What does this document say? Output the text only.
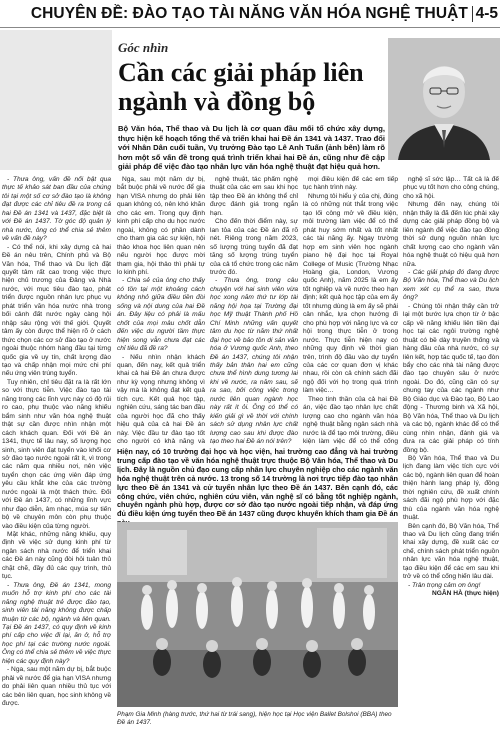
CHUYÊN ĐỀ: ĐÀO TẠO TÀI NĂNG VĂN HÓA NGHỆ THUẬT 4-5
Góc nhìn
Cần các giải pháp liên ngành và đồng bộ
Bộ Văn hóa, Thể thao và Du lịch là cơ quan đầu mối tổ chức xây dựng, thực hiện kế hoạch tổng thể và triển khai hai Đề án 1341 và 1437. Trao đổi với Nhân Dân cuối tuần, Vụ trưởng Đào tạo Lê Anh Tuấn (ảnh bên) làm rõ hơn một số vấn đề trong quá trình triển khai hai Đề án, cũng như đề cập giải pháp để việc đào tạo nhân lực văn hóa nghệ thuật đạt hiệu quả hơn.

- Thưa ông, vấn đề nổi bật qua thực tế khảo sát ban đầu của chúng tôi tại một số cơ sở đào tạo là không đạt được các chỉ tiêu đề ra trong cả hai Đề án 1341 và 1437, đặc biệt là với Đề án 1437. Tờ góc độ quản lý nhà nước, ông có thể chia sẻ thêm về vấn đề này?

- Có thể nói, khi xây dựng cả hai Đề án nêu trên, Chính phủ và Bộ Văn hóa, Thể thao và Du lịch đặt quyết tâm rất cao trong việc thực hiện chủ trương của Đảng và Nhà nước, với mục tiêu đào tạo, phát triển được nguồn nhân lực phục vụ phát triển văn hóa nước nhà trong bối cảnh đất nước ngày càng hội nhập sâu rộng với thế giới. Quyết tâm ấy còn được thể hiện rõ ở cách thức chọn các cơ sở đào tạo ở nước ngoài thuộc nhóm hàng đầu tại từng quốc gia về uy tín, chất lượng đào tạo và chấp nhận mọi mức chi phí nếu ứng viên trúng tuyển.

Tuy nhiên, chỉ tiêu đặt ra là rất lớn so với thực tiễn. Việc đào tạo tài năng trong các lĩnh vực này có độ rủi ro cao, phụ thuộc vào năng khiếu bẩm sinh như văn hóa nghệ thuật thật sự cần được nhìn nhận một cách khách quan. Đối với Đề án 1341, thực tế lâu nay, số lượng học sinh, sinh viên đạt tuyển vào khối cơ sở đào tạo nước ngoài rất ít, vì trong các năm qua nhiều nơi, nên việc tuyển chọn các ứng viên đáp ứng yêu cầu khắt khe của các trường nước ngoài là một thách thức. Đối với Đề án 1437, có những lĩnh vực như đạo diễn, âm nhạc, múa sự tiến bộ về chuyên môn còn phụ thuộc vào điều kiện của từng người.

Mặt khác, những năng khiếu, quy định về việc sử dụng kinh phí từ ngân sách nhà nước để triển khai các Đề án này cũng đòi hỏi tuân thủ chặt chẽ, đầy đủ các quy trình, thủ tục.

- Thưa ông, Đề án 1341, mong muốn hỗ trợ kinh phí cho các tài năng nghệ thuật trẻ được đào tạo, sinh viên tài năng không được chấp thuận từ các bộ, ngành và liên quan. Tại Đề án 1437, có quy định về kinh phí cấp cho việc đi lại, ăn ở, hỗ trợ học phí tại các trường nước ngoài. Ông có thể chia sẻ thêm về việc thực hiện các quy định này?

- Nga, sau một năm dự bị, bắt buộc phải về nước để gia hạn VISA nhưng do phải liên quan nhiều thủ tục với các bên liên quan, học sinh không về được.

Nga, sau một năm dự bị, bắt buộc phải về nước để gia hạn VISA nhưng do phải liên quan không có, nên khó khăn cho các em. Trong quy định kinh phí cấp cho du học nước ngoài, không có phần dành cho tham gia các sự kiện, hội thảo khoa học liên quan nên nếu người học được mời tham gia, hội thảo thì phải tự lo kinh phí.

- Chia sẻ của ông cho thấy có tồn tại một khoảng cách không nhỏ giữa điều tiền đòi sống và nội dung của hai Đề án. Đây liệu có phải là mấu chốt của mọi mâu chốt dẫn đến việc du người tầm thực hiện song vẫn chưa đạt các chỉ tiêu đã đề ra?

- Nếu nhìn nhận khách quan, đến nay, kết quả triển khai cả hai Đề án chưa được như kỳ vọng nhưng không vì vậy mà là không đạt kết quả tích cực. Kết quả học tập, nghiên cứu, sáng tác ban đầu của người học đã cho thấy hiệu quả của cả hai Đề án này. Việc đầu tư đào tạo tốt cho người có khả năng và

nghệ thuật, tác phẩm nghệ thuật của các em sau khi học tập theo Đề án không thể chỉ được đánh giá trong ngắn hạn.

Cho đến thời điểm này, sự lan tỏa của các Đề án đã rõ nét. Riêng trong năm 2023, số lượng trúng tuyển đã đạt tăng số lượng trúng tuyển của cả tổ chức trong các năm trước đó.

- Thưa ông, trong câu chuyện với hai sinh viên vừa học xong năm thứ tư lớp tài năng hội họa tại Trường đại học Mỹ thuật Thành phố Hồ Chí Minh những vấn quyết tâm du học từ năm thứ nhất đại học về bảo tồn di sản văn hóa ở Vương quốc Anh, theo Đề án 1437, chúng tôi nhận thấy bản thân hai em cũng chưa thể hình dung tương lai khi về nước, ra năm sau, sẽ ra sao, bởi công việc trong nước liên quan ngành học này rất ít ỏi. Ông có thể có kiến giải gì về thời với chính sách sử dụng nhân lực chất lượng cao sau khi được đào tạo theo hai Đề án nói trên?

mọi điều kiện để các em tiếp tục hành trình này.

Nhưng tôi hiểu ý của chị, đúng là có những nút thắt trong việc tạo lối công mở về điều kiện, môi trường làm việc để có thể phát huy sớm nhất và tốt nhất các tài năng ấy. Ngay trường hợp em sinh viên học ngành piano hệ đại học tại Royal College of Music (Trường Nhạc Hoàng gia, London, Vương quốc Anh), năm 2025 là em ấy tốt nghiệp và về nước theo hạn định; kết quả học tập của em ấy tốt nhưng dùng là em ấy sẽ phải cân nhắc, lựa chọn hướng đi cho phù hợp với năng lực và cơ hội trong thực tiễn ở trong nước. Thực tiễn hiện nay có những quy định về thời gian trên, trình độ đầu vào dự tuyển của các cơ quan đơn vị khác nhau, rồi còn cả chính sách đãi ngộ đối với họ trong quá trình làm việc…

Theo tinh thần của cả hai Đề án, việc đào tạo nhân lực chất lượng cao cho ngành văn hóa nghệ thuật bằng ngân sách nhà nước là để tạo môi trường, điều kiện làm việc để có thể cống

nghệ sĩ sớc lập… Tất cả là để phục vụ tốt hơn cho công chúng, cho xã hội.

Nhưng đến nay, chúng tôi nhận thấy là đã đến lúc phải xây dựng các giải pháp đồng bộ và liên ngành để việc đào tạo đồng thời sử dụng nguồn nhân lực chất lượng cao cho ngành văn hóa nghệ thuật có hiệu quả hơn nữa.

- Các giải pháp đó đang được Bộ Văn hóa, Thể thao và Du lịch xem xét cụ thể ra sao, thưa ông?

- Chúng tôi nhận thấy cần trở lại một bước lựa chọn từ ở bậc cấp về năng khiếu liên tiền đại học tại các ngôi trường nghệ thuật có bề dày truyền thống và hàng đầu của nhà nước, có sự liên kết, hợp tác quốc tế, tạo đòn bẩy cho các nhà tài năng được đào tạo chuyên sâu ở nước ngoài. Do đó, cũng cần có sự chung tay của các ngành như Bộ Giáo dục và Đào tạo, Bộ Lao động - Thương binh và Xã hội, Bộ Văn hóa, Thể thao và Du lịch và các bộ, ngành khác để có thể cùng nhìn nhận, đánh giá và đưa ra các giải pháp có tính đồng bộ.

Bộ Văn hóa, Thể thao và Du lịch đang làm việc tích cực với các bộ, ngành liên quan để hoàn thiện hành lang pháp lý, đồng thời nghiên cứu, đề xuất chính sách đãi ngộ phù hợp với đặc thù của ngành văn hóa nghệ thuật.

Bên cạnh đó, Bộ Văn hóa, Thể thao và Du lịch cũng đang triển khai xây dựng, đề xuất các cơ chế, chính sách phát triển nguồn nhân lực văn hóa nghệ thuật, tạo điều kiện để các em sau khi trở về có thể cống hiến lâu dài.

- Trân trọng cảm ơn ông!

NGÂN HÀ (thực hiện)

Hiện nay, có 10 trường đại học và học viện, hai trường cao đẳng và hai trường trung cấp đào tạo về văn hóa nghệ thuật trực thuộc Bộ Văn hóa, Thể thao và Du lịch. Đây là nguồn chủ đạo cung cấp nhân lực chuyên nghiệp cho các ngành văn hóa nghệ thuật trên cả nước. 13 trong số 14 trường là nơi trực tiếp đào tạo nhân lực theo Đề án 1341 và cử tuyển nhân lực theo Đề án 1437. Bên cạnh đó, các công chức, viên chức, nghiên cứu viên, văn nghệ sĩ có bằng tốt nghiệp ngành, chuyên ngành phù hợp, được cơ sở đào tạo nước ngoài tiếp nhận, và đáp ứng đủ điều kiện ứng tuyển theo Đề án 1437 cũng được khuyến khích tham gia Đề án
Phạm Gia Minh (hàng trước, thứ hai từ trái sang), hiện học tại Học viện Ballet Bolshoi (BBA) theo Đề án 1437.
